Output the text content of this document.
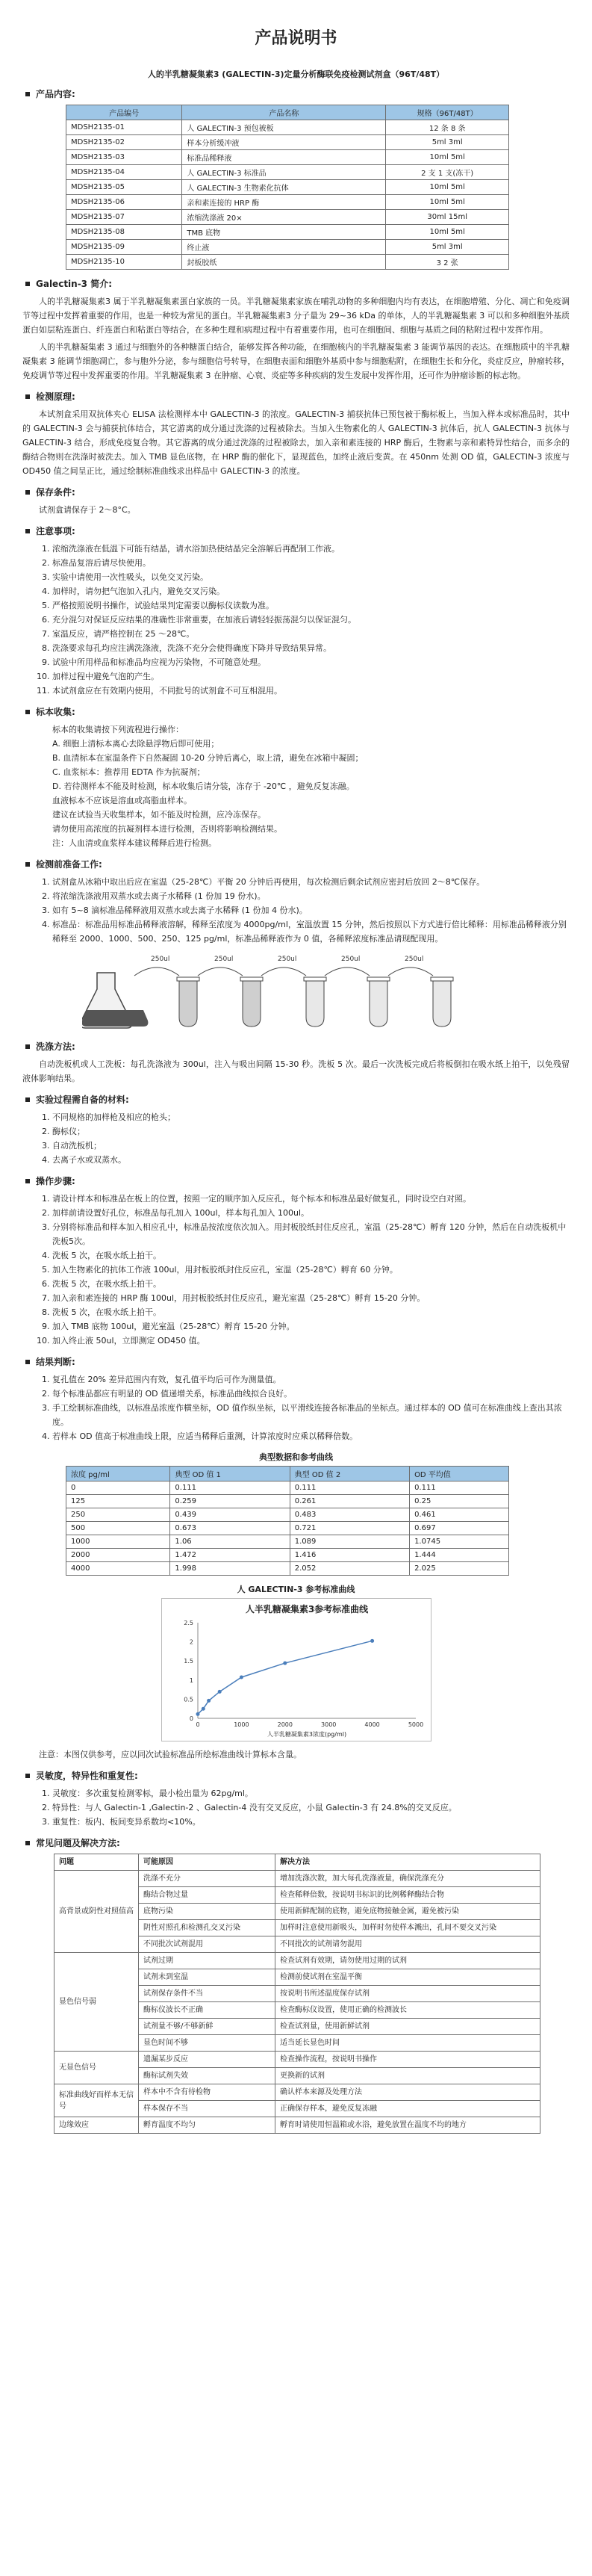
产品说明书
人的半乳糖凝集素3 (GALECTIN-3)定量分析酶联免疫检测试剂盒（96T/48T）
产品内容:
产品编号	产品名称	规格（96T/48T）
MDSH2135-01	人 GALECTIN-3 预包被板	12 条 8 条
MDSH2135-02	样本分析缓冲液	5ml 3ml
MDSH2135-03	标准品稀释液	10ml 5ml
MDSH2135-04	人 GALECTIN-3 标准品	2 支 1 支(冻干)
MDSH2135-05	人 GALECTIN-3 生物素化抗体	10ml 5ml
MDSH2135-06	亲和素连接的 HRP 酶	10ml 5ml
MDSH2135-07	浓缩洗涤液 20×	30ml 15ml
MDSH2135-08	TMB 底物	10ml 5ml
MDSH2135-09	终止液	5ml 3ml
MDSH2135-10	封板胶纸	3 2 张
Galectin-3 简介:

人的半乳糖凝集素3 属于半乳糖凝集素蛋白家族的一员。半乳糖凝集素家族在哺乳动物的多种细胞内均有表达，在细胞增殖、分化、凋亡和免疫调节等过程中发挥着重要的作用，也是一种较为常见的蛋白。半乳糖凝集素3 分子量为 29~36 kDa 的单体，人的半乳糖凝集素 3 可以和多种细胞外基质蛋白如层粘连蛋白、纤连蛋白和粘蛋白等结合，在多种生理和病理过程中有着重要作用，也可在细胞间、细胞与基质之间的粘附过程中发挥作用。

人的半乳糖凝集素 3 通过与细胞外的各种糖蛋白结合，能够发挥各种功能，在细胞核内的半乳糖凝集素 3 能调节基因的表达。在细胞质中的半乳糖凝集素 3 能调节细胞凋亡，参与胞外分泌，参与细胞信号转导，在细胞表面和细胞外基质中参与细胞粘附，在细胞生长和分化，炎症反应，肿瘤转移，免疫调节等过程中发挥重要的作用。半乳糖凝集素 3 在肿瘤、心衰、炎症等多种疾病的发生发展中发挥作用，还可作为肿瘤诊断的标志物。

检测原理:

本试剂盒采用双抗体夹心 ELISA 法检测样本中 GALECTIN-3 的浓度。GALECTIN-3 捕获抗体已预包被于酶标板上，当加入样本或标准品时，其中的 GALECTIN-3 会与捕获抗体结合，其它游离的成分通过洗涤的过程被除去。当加入生物素化的人 GALECTIN-3 抗体后，抗人 GALECTIN-3 抗体与 GALECTIN-3 结合，形成免疫复合物。其它游离的成分通过洗涤的过程被除去，加入亲和素连接的 HRP 酶后，生物素与亲和素特异性结合，而多余的酶结合物则在洗涤时被洗去。加入 TMB 显色底物，在 HRP 酶的催化下，显现蓝色，加终止液后变黄。在 450nm 处测 OD 值，GALECTIN-3 浓度与 OD450 值之间呈正比，通过绘制标准曲线求出样品中 GALECTIN-3 的浓度。

保存条件:

试剂盒请保存于 2～8°C。

注意事项:
1. 浓缩洗涤液在低温下可能有结晶，请水浴加热使结晶完全溶解后再配制工作液。
2. 标准品复溶后请尽快使用。
3. 实验中请使用一次性吸头，以免交叉污染。
4. 加样时，请勿把气泡加入孔内，避免交叉污染。
5. 严格按照说明书操作，试验结果判定需要以酶标仪读数为准。
6. 充分混匀对保证反应结果的准确性非常重要，在加液后请轻轻振荡混匀以保证混匀。
7. 室温反应，请严格控制在 25 ～28℃。
8. 洗涤要求每孔均应注满洗涤液，洗涤不充分会使得确度下降并导致结果异常。
9. 试验中所用样品和标准品均应视为污染物，不可随意处理。
10. 加样过程中避免气泡的产生。
11. 本试剂盒应在有效期内使用，不同批号的试剂盒不可互相混用。
标本收集:
标本的收集请按下列流程进行操作：
A. 细胞上清标本离心去除悬浮物后即可使用；
B. 血清标本在室温条件下自然凝固 10-20 分钟后离心，取上清，避免在冰箱中凝固；
C. 血浆标本：推荐用 EDTA 作为抗凝剂；
D. 若待测样本不能及时检测，标本收集后请分装，冻存于 -20℃ ，避免反复冻融。
血液标本不应该是溶血或高脂血样本。
建议在试验当天收集样本，如不能及时检测，应冷冻保存。
请勿使用高浓度的抗凝剂样本进行检测，否则将影响检测结果。
注：人血清或血浆样本建议稀释后进行检测。
检测前准备工作:
1. 试剂盒从冰箱中取出后应在室温（25-28℃）平衡 20 分钟后再使用，每次检测后剩余试剂应密封后放回 2～8℃保存。
2. 将浓缩洗涤液用双蒸水或去离子水稀释 (1 份加 19 份水)。
3. 如有 5~8 滴标准品稀释液用双蒸水或去离子水稀释 (1 份加 4 份水)。
4. 标准品：标准品用标准品稀释液溶解，稀释至浓度为 4000pg/ml，室温放置 15 分钟，然后按照以下方式进行倍比稀释：用标准品稀释液分别稀释至 2000、1000、500、250、125 pg/ml，标准品稀释液作为 0 值，各稀释浓度标准品请现配现用。
250ul	250ul	250ul	250ul	250ul
洗涤方法:

自动洗板机或人工洗板：每孔洗涤液为 300ul，注入与吸出间隔 15-30 秒。洗板 5 次。最后一次洗板完成后将板倒扣在吸水纸上拍干，以免残留液体影响结果。

实验过程需自备的材料:
1. 不同规格的加样枪及相应的枪头；
2. 酶标仪；
3. 自动洗板机；
4. 去离子水或双蒸水。
操作步骤:
1. 请设计样本和标准品在板上的位置，按照一定的顺序加入反应孔，每个标本和标准品最好做复孔，同时设空白对照。
2. 加样前请设置好孔位，标准品每孔加入 100ul，样本每孔加入 100ul。
3. 分别将标准品和样本加入相应孔中，标准品按浓度依次加入。用封板胶纸封住反应孔，室温（25-28℃）孵育 120 分钟，然后在自动洗板机中洗板5次。
4. 洗板 5 次，在吸水纸上拍干。
5. 加入生物素化的抗体工作液 100ul，用封板胶纸封住反应孔，室温（25-28℃）孵育 60 分钟。
6. 洗板 5 次，在吸水纸上拍干。
7. 加入亲和素连接的 HRP 酶 100ul，用封板胶纸封住反应孔，避光室温（25-28℃）孵育 15-20 分钟。
8. 洗板 5 次，在吸水纸上拍干。
9. 加入 TMB 底物 100ul，避光室温（25-28℃）孵育 15-20 分钟。
10. 加入终止液 50ul，立即测定 OD450 值。
结果判断:
1. 复孔值在 20% 差异范围内有效，复孔值平均后可作为测量值。
2. 每个标准品都应有明显的 OD 值递增关系，标准品曲线拟合良好。
3. 手工绘制标准曲线，以标准品浓度作横坐标，OD 值作纵坐标，以平滑线连接各标准品的坐标点。通过样本的 OD 值可在标准曲线上查出其浓度。
4. 若样本 OD 值高于标准曲线上限，应适当稀释后重测，计算浓度时应乘以稀释倍数。
典型数据和参考曲线
浓度 pg/ml	典型 OD 值 1	典型 OD 值 2	OD 平均值
0	0.111	0.111	0.111
125	0.259	0.261	0.25
250	0.439	0.483	0.461
500	0.673	0.721	0.697
1000	1.06	1.089	1.0745
2000	1.472	1.416	1.444
4000	1.998	2.052	2.025
人 GALECTIN-3 参考标准曲线
人半乳糖凝集素3参考标准曲线
0
0.5
1
1.5
2
2.5
0	1000	2000	3000	4000	5000
人半乳糖凝集素3浓度(pg/ml)
注意：本图仅供参考，应以同次试验标准品所绘标准曲线计算标本含量。
灵敏度，特异性和重复性:
1. 灵敏度：多次重复检测零标，最小检出量为 62pg/ml。
2. 特异性：与人 Galectin-1 ,Galectin-2 、Galectin-4 没有交叉反应，小鼠 Galectin-3 有 24.8%的交叉反应。
3. 重复性：板内、板间变异系数均<10%。
常见问题及解决方法:
问题	可能原因	解决方法
高背景或阴性对照值高	洗涤不充分	增加洗涤次数，加大每孔洗涤液量，确保洗涤充分
	酶结合物过量	检查稀释倍数，按说明书标识的比例稀释酶结合物
	底物污染	使用新鲜配制的底物，避免底物接触金属，避免被污染
	阴性对照孔和检测孔交叉污染	加样时注意使用新吸头，加样时勿使样本溅出，孔间不要交叉污染
	不同批次试剂混用	不同批次的试剂请勿混用
显色信号弱	试剂过期	检查试剂有效期，请勿使用过期的试剂
	试剂未到室温	检测前使试剂在室温平衡
	试剂保存条件不当	按说明书所述温度保存试剂
	酶标仪波长不正确	检查酶标仪设置，使用正确的检测波长
	试剂量不够/不够新鲜	检查试剂量，使用新鲜试剂
	显色时间不够	适当延长显色时间
无显色信号	遗漏某步反应	检查操作流程，按说明书操作
	酶标试剂失效	更换新的试剂
标准曲线好而样本无信号	样本中不含有待检物	确认样本来源及处理方法
	样本保存不当	正确保存样本，避免反复冻融
边缘效应	孵育温度不均匀	孵育时请使用恒温箱或水浴，避免放置在温度不均的地方
